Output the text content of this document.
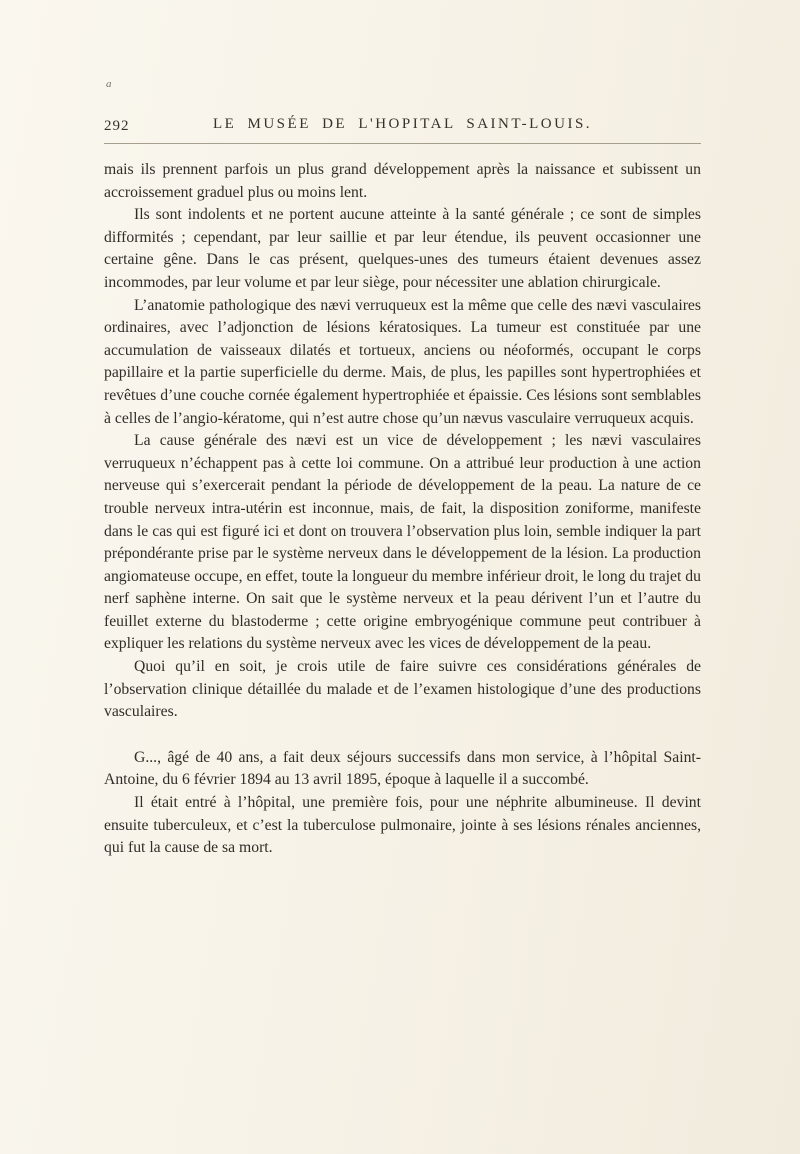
a
292	LE MUSÉE DE L'HOPITAL SAINT-LOUIS.

mais ils prennent parfois un plus grand développement après la naissance et subissent un accroissement graduel plus ou moins lent.

Ils sont indolents et ne portent aucune atteinte à la santé générale ; ce sont de simples difformités ; cependant, par leur saillie et par leur étendue, ils peuvent occasionner une certaine gêne. Dans le cas présent, quelques-unes des tumeurs étaient devenues assez incommodes, par leur volume et par leur siège, pour nécessiter une ablation chirurgicale.

L’anatomie pathologique des nævi verruqueux est la même que celle des nævi vasculaires ordinaires, avec l’adjonction de lésions kératosiques. La tumeur est constituée par une accumulation de vaisseaux dilatés et tortueux, anciens ou néoformés, occupant le corps papillaire et la partie superficielle du derme. Mais, de plus, les papilles sont hypertrophiées et revêtues d’une couche cornée également hypertrophiée et épaissie. Ces lésions sont semblables à celles de l’angio-kératome, qui n’est autre chose qu’un nævus vasculaire verruqueux acquis.

La cause générale des nævi est un vice de développement ; les nævi vasculaires verruqueux n’échappent pas à cette loi commune. On a attribué leur production à une action nerveuse qui s’exercerait pendant la période de développement de la peau. La nature de ce trouble nerveux intra-utérin est inconnue, mais, de fait, la disposition zoniforme, manifeste dans le cas qui est figuré ici et dont on trouvera l’observation plus loin, semble indiquer la part prépondérante prise par le système nerveux dans le développement de la lésion. La production angiomateuse occupe, en effet, toute la longueur du membre inférieur droit, le long du trajet du nerf saphène interne. On sait que le système nerveux et la peau dérivent l’un et l’autre du feuillet externe du blastoderme ; cette origine embryogénique commune peut contribuer à expliquer les relations du système nerveux avec les vices de développement de la peau.

Quoi qu’il en soit, je crois utile de faire suivre ces considérations générales de l’observation clinique détaillée du malade et de l’examen histologique d’une des productions vasculaires.

G..., âgé de 40 ans, a fait deux séjours successifs dans mon service, à l’hôpital Saint-Antoine, du 6 février 1894 au 13 avril 1895, époque à laquelle il a succombé.

Il était entré à l’hôpital, une première fois, pour une néphrite albumineuse. Il devint ensuite tuberculeux, et c’est la tuberculose pulmonaire, jointe à ses lésions rénales anciennes, qui fut la cause de sa mort.
